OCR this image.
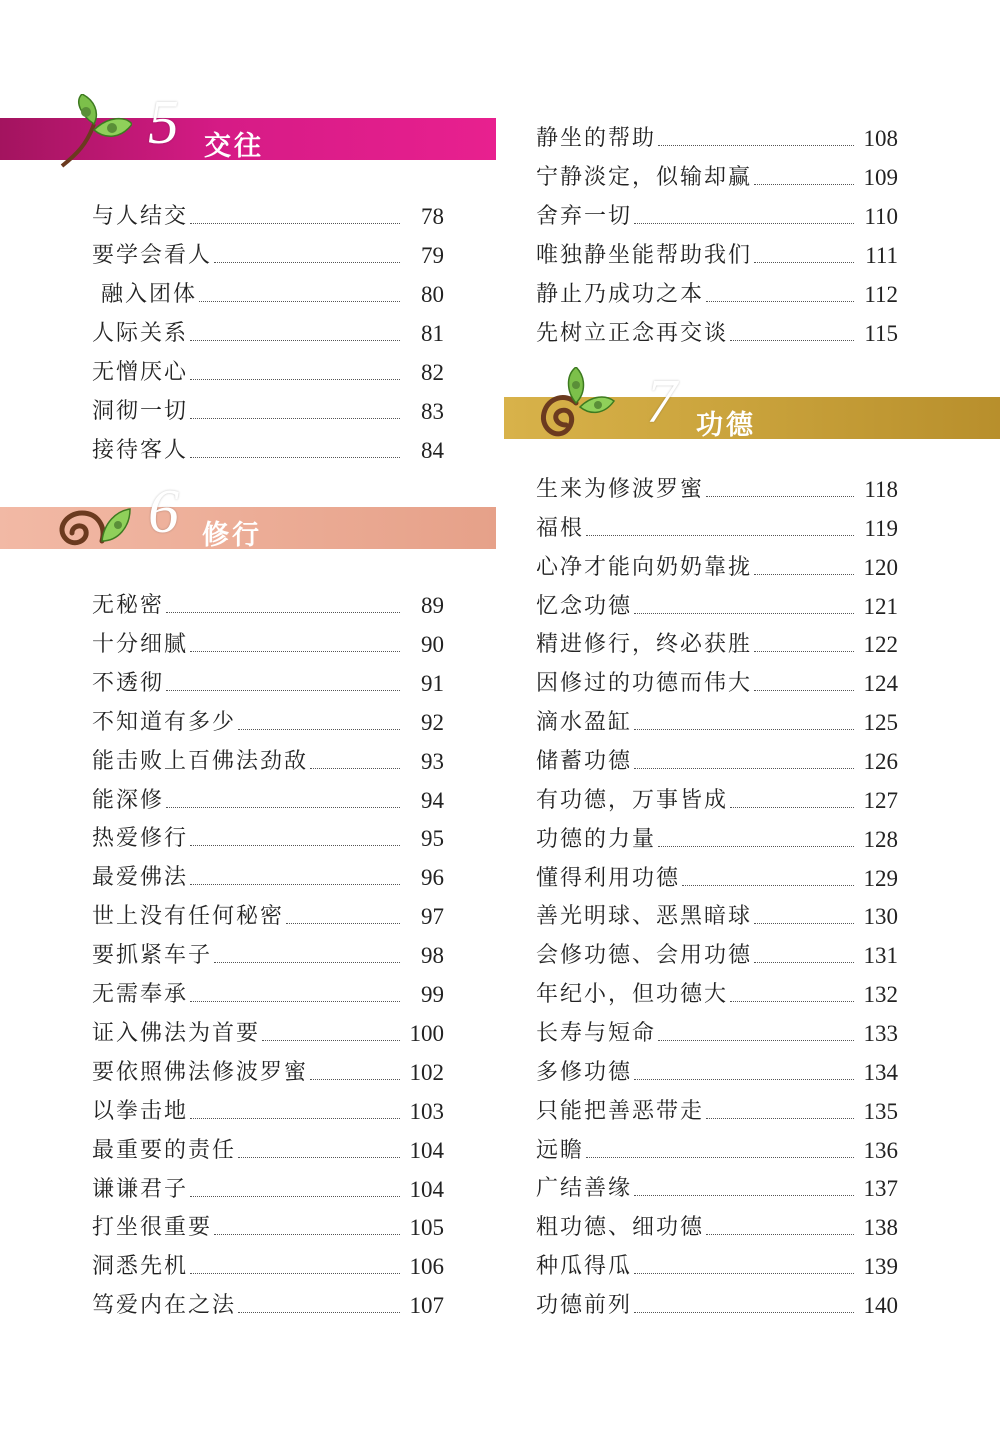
5 交往
6 修行
7 功德
与人结交	78
要学会看人	79
融入团体	80
人际关系	81
无憎厌心	82
洞彻一切	83
接待客人	84
无秘密	89
十分细腻	90
不透彻	91
不知道有多少	92
能击败上百佛法劲敌	93
能深修	94
热爱修行	95
最爱佛法	96
世上没有任何秘密	97
要抓紧车子	98
无需奉承	99
证入佛法为首要	100
要依照佛法修波罗蜜	102
以拳击地	103
最重要的责任	104
谦谦君子	104
打坐很重要	105
洞悉先机	106
笃爱内在之法	107
静坐的帮助	108
宁静淡定，似输却赢	109
舍弃一切	110
唯独静坐能帮助我们	111
静止乃成功之本	112
先树立正念再交谈	115
生来为修波罗蜜	118
福根	119
心净才能向奶奶靠拢	120
忆念功德	121
精进修行，终必获胜	122
因修过的功德而伟大	124
滴水盈缸	125
储蓄功德	126
有功德，万事皆成	127
功德的力量	128
懂得利用功德	129
善光明球、恶黑暗球	130
会修功德、会用功德	131
年纪小，但功德大	132
长寿与短命	133
多修功德	134
只能把善恶带走	135
远瞻	136
广结善缘	137
粗功德、细功德	138
种瓜得瓜	139
功德前列	140
